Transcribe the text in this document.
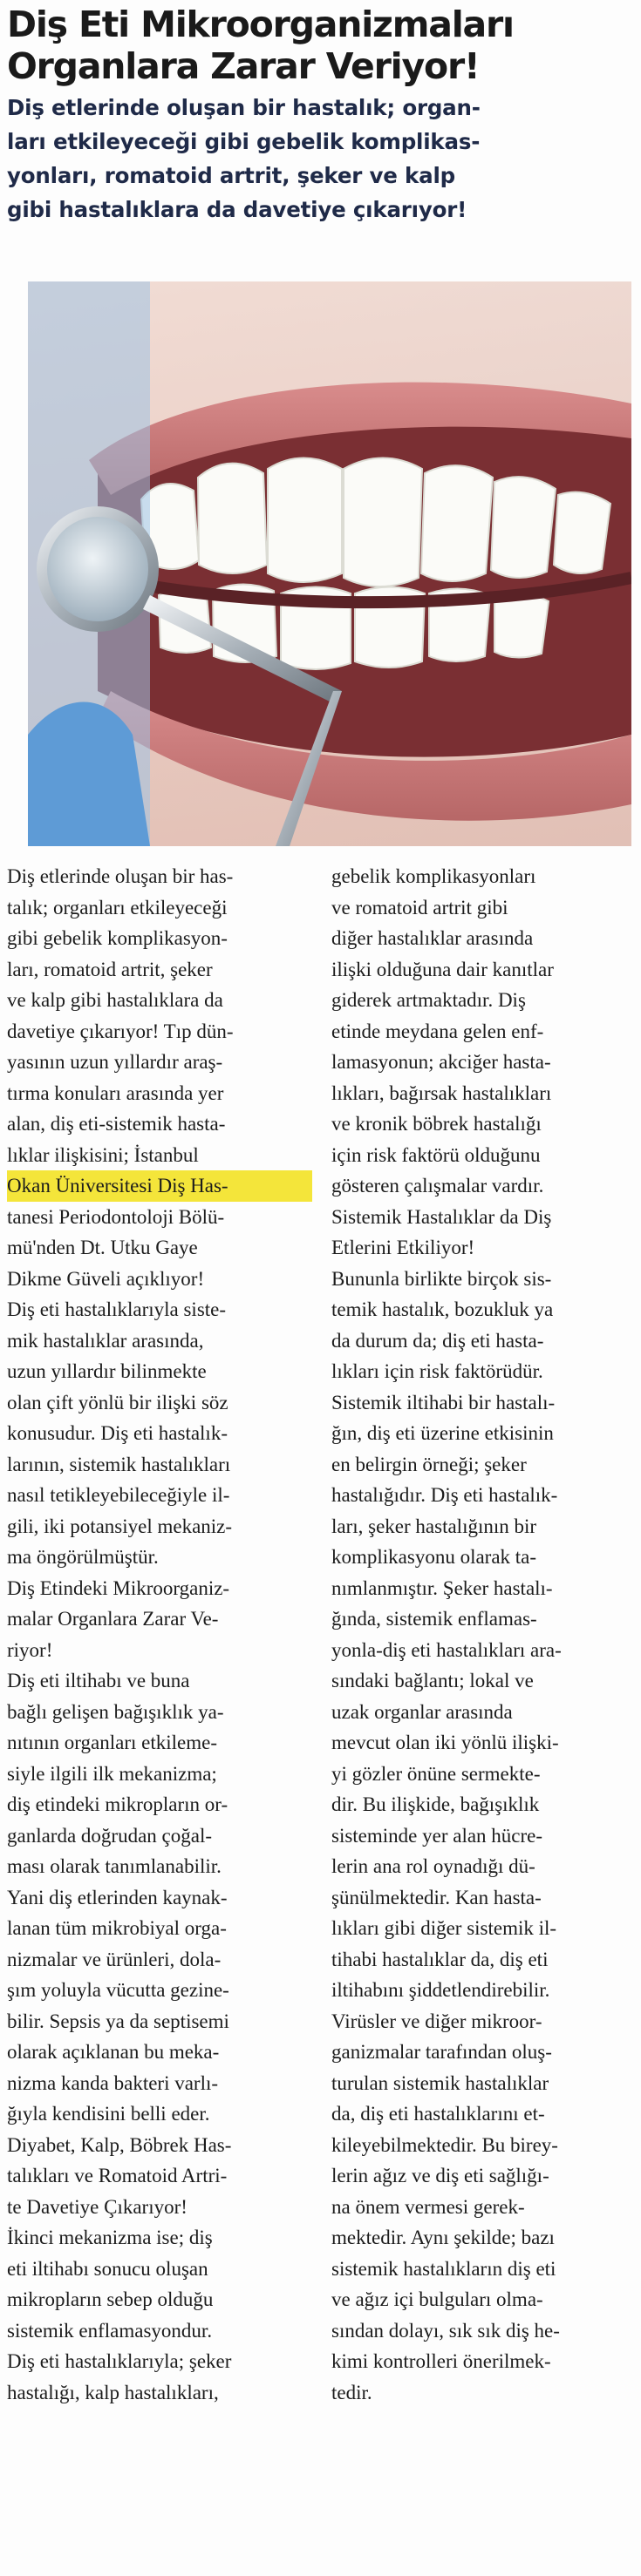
Diş Eti Mikroorganizmaları
Organlara Zarar Veriyor!
Diş etlerinde oluşan bir hastalık; organ-
ları etkileyeceği gibi gebelik komplikas-
yonları, romatoid artrit, şeker ve kalp
gibi hastalıklara da davetiye çıkarıyor!
Diş etlerinde oluşan bir has-
talık; organları etkileyeceği
gibi gebelik komplikasyon-
ları, romatoid artrit, şeker
ve kalp gibi hastalıklara da
davetiye çıkarıyor! Tıp dün-
yasının uzun yıllardır araş-
tırma konuları arasında yer
alan, diş eti-sistemik hasta-
lıklar ilişkisini; İstanbul
Okan Üniversitesi Diş Has-
tanesi Periodontoloji Bölü-
mü'nden Dt. Utku Gaye
Dikme Güveli açıklıyor!
Diş eti hastalıklarıyla siste-
mik hastalıklar arasında,
uzun yıllardır bilinmekte
olan çift yönlü bir ilişki söz
konusudur. Diş eti hastalık-
larının, sistemik hastalıkları
nasıl tetikleyebileceğiyle il-
gili, iki potansiyel mekaniz-
ma öngörülmüştür.
Diş Etindeki Mikroorganiz-
malar Organlara Zarar Ve-
riyor!
Diş eti iltihabı ve buna
bağlı gelişen bağışıklık ya-
nıtının organları etkileme-
siyle ilgili ilk mekanizma;
diş etindeki mikropların or-
ganlarda doğrudan çoğal-
ması olarak tanımlanabilir.
Yani diş etlerinden kaynak-
lanan tüm mikrobiyal orga-
nizmalar ve ürünleri, dola-
şım yoluyla vücutta gezine-
bilir. Sepsis ya da septisemi
olarak açıklanan bu meka-
nizma kanda bakteri varlı-
ğıyla kendisini belli eder.
Diyabet, Kalp, Böbrek Has-
talıkları ve Romatoid Artri-
te Davetiye Çıkarıyor!
İkinci mekanizma ise; diş
eti iltihabı sonucu oluşan
mikropların sebep olduğu
sistemik enflamasyondur.
Diş eti hastalıklarıyla; şeker
hastalığı, kalp hastalıkları,
gebelik komplikasyonları
ve romatoid artrit gibi
diğer hastalıklar arasında
ilişki olduğuna dair kanıtlar
giderek artmaktadır. Diş
etinde meydana gelen enf-
lamasyonun; akciğer hasta-
lıkları, bağırsak hastalıkları
ve kronik böbrek hastalığı
için risk faktörü olduğunu
gösteren çalışmalar vardır.
Sistemik Hastalıklar da Diş
Etlerini Etkiliyor!
Bununla birlikte birçok sis-
temik hastalık, bozukluk ya
da durum da; diş eti hasta-
lıkları için risk faktörüdür.
Sistemik iltihabi bir hastalı-
ğın, diş eti üzerine etkisinin
en belirgin örneği; şeker
hastalığıdır. Diş eti hastalık-
ları, şeker hastalığının bir
komplikasyonu olarak ta-
nımlanmıştır. Şeker hastalı-
ğında, sistemik enflamas-
yonla-diş eti hastalıkları ara-
sındaki bağlantı; lokal ve
uzak organlar arasında
mevcut olan iki yönlü ilişki-
yi gözler önüne sermekte-
dir. Bu ilişkide, bağışıklık
sisteminde yer alan hücre-
lerin ana rol oynadığı dü-
şünülmektedir. Kan hasta-
lıkları gibi diğer sistemik il-
tihabi hastalıklar da, diş eti
iltihabını şiddetlendirebilir.
Virüsler ve diğer mikroor-
ganizmalar tarafından oluş-
turulan sistemik hastalıklar
da, diş eti hastalıklarını et-
kileyebilmektedir. Bu birey-
lerin ağız ve diş eti sağlığı-
na önem vermesi gerek-
mektedir. Aynı şekilde; bazı
sistemik hastalıkların diş eti
ve ağız içi bulguları olma-
sından dolayı, sık sık diş he-
kimi kontrolleri önerilmek-
tedir.
